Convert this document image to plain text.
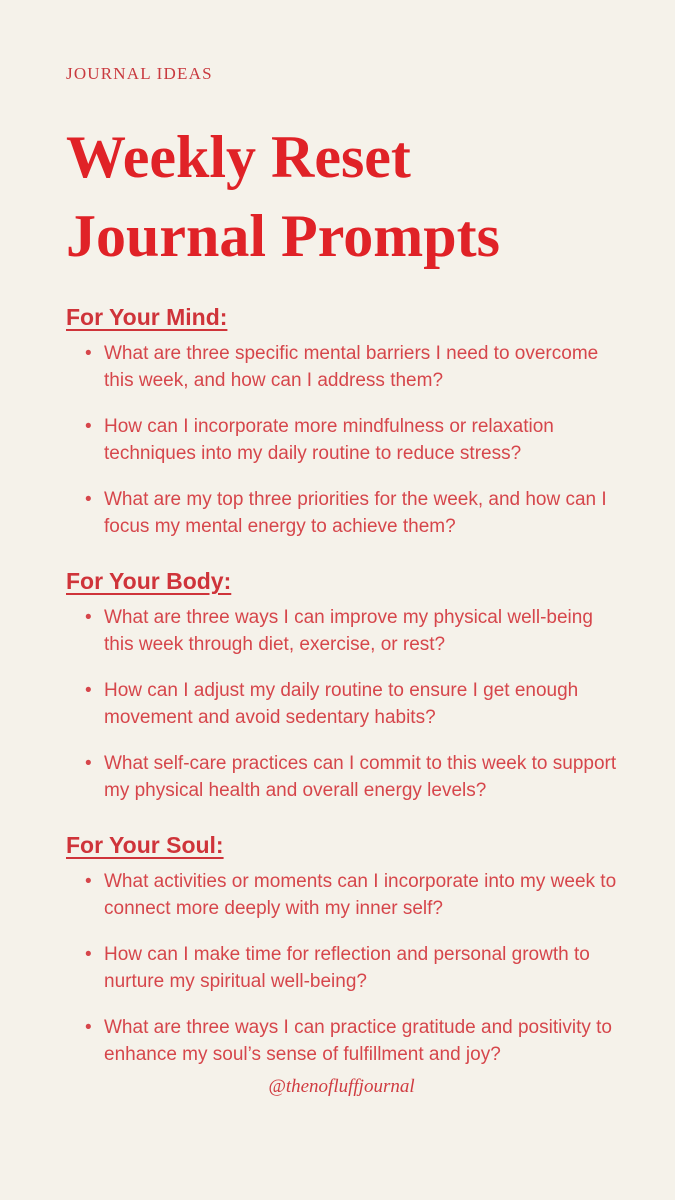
JOURNAL IDEAS
Weekly Reset Journal Prompts
For Your Mind:
• What are three specific mental barriers I need to overcome this week, and how can I address them?
• How can I incorporate more mindfulness or relaxation techniques into my daily routine to reduce stress?
• What are my top three priorities for the week, and how can I focus my mental energy to achieve them?
For Your Body:
• What are three ways I can improve my physical well-being this week through diet, exercise, or rest?
• How can I adjust my daily routine to ensure I get enough movement and avoid sedentary habits?
• What self-care practices can I commit to this week to support my physical health and overall energy levels?
For Your Soul:
• What activities or moments can I incorporate into my week to connect more deeply with my inner self?
• How can I make time for reflection and personal growth to nurture my spiritual well-being?
• What are three ways I can practice gratitude and positivity to enhance my soul’s sense of fulfillment and joy?
@thenofluffjournal
